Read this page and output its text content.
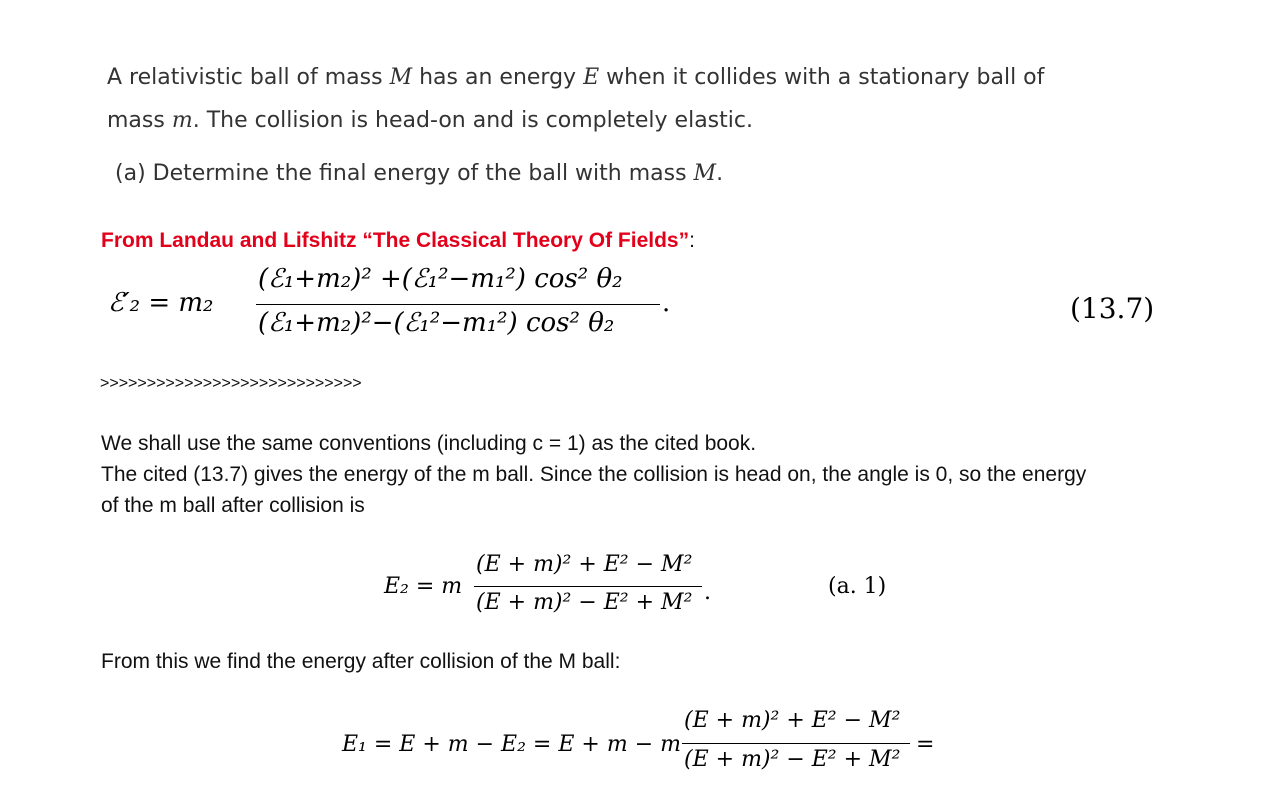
A relativistic ball of mass M has an energy E when it collides with a stationary ball of
mass m. The collision is head-on and is completely elastic.
(a) Determine the final energy of the ball with mass M.
From Landau and Lifshitz “The Classical Theory Of Fields”:
ℰ′₂ = m₂
(ℰ₁+m₂)² +(ℰ₁²−m₁²) cos² θ₂
(ℰ₁+m₂)²−(ℰ₁²−m₁²) cos² θ₂ ·	(13.7)
>>>>>>>>>>>>>>>>>>>>>>>>>>>>
We shall use the same conventions (including c = 1) as the cited book.
The cited (13.7) gives the energy of the m ball. Since the collision is head on, the angle is 0, so the energy
of the m ball after collision is
E₂ = m
(E + m)² + E² − M²
(E + m)² − E² + M² .	(a. 1)
From this we find the energy after collision of the M ball:
E₁ = E + m − E₂ = E + m − m
(E + m)² + E² − M²
(E + m)² − E² + M²
=
